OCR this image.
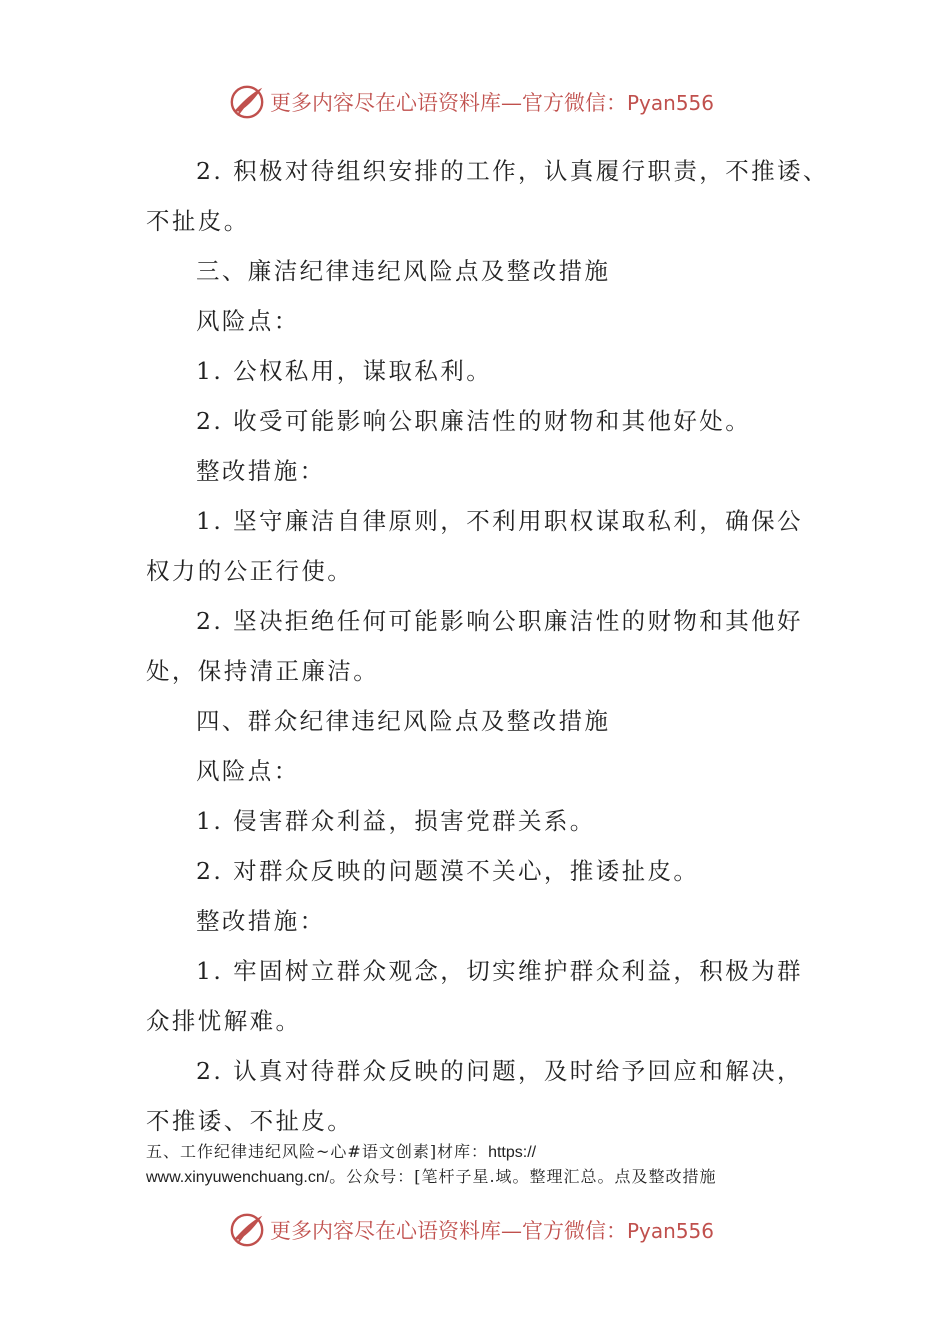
更多内容尽在心语资料库—官方微信：Pyan556

2. 积极对待组织安排的工作，认真履行职责，不推诿、

不扯皮。

三、廉洁纪律违纪风险点及整改措施

风险点：

1. 公权私用，谋取私利。

2. 收受可能影响公职廉洁性的财物和其他好处。

整改措施：

1. 坚守廉洁自律原则，不利用职权谋取私利，确保公

权力的公正行使。

2. 坚决拒绝任何可能影响公职廉洁性的财物和其他好

处，保持清正廉洁。

四、群众纪律违纪风险点及整改措施

风险点：

1. 侵害群众利益，损害党群关系。

2. 对群众反映的问题漠不关心，推诿扯皮。

整改措施：

1. 牢固树立群众观念，切实维护群众利益，积极为群

众排忧解难。

2. 认真对待群众反映的问题，及时给予回应和解决，

不推诿、不扯皮。

五、工作纪律违纪风险~心#语文创素]材库：https://
www.xinyuwenchuang.cn/。公众号：[笔杆子星.域。整理汇总。点及整改措施
更多内容尽在心语资料库—官方微信：Pyan556
